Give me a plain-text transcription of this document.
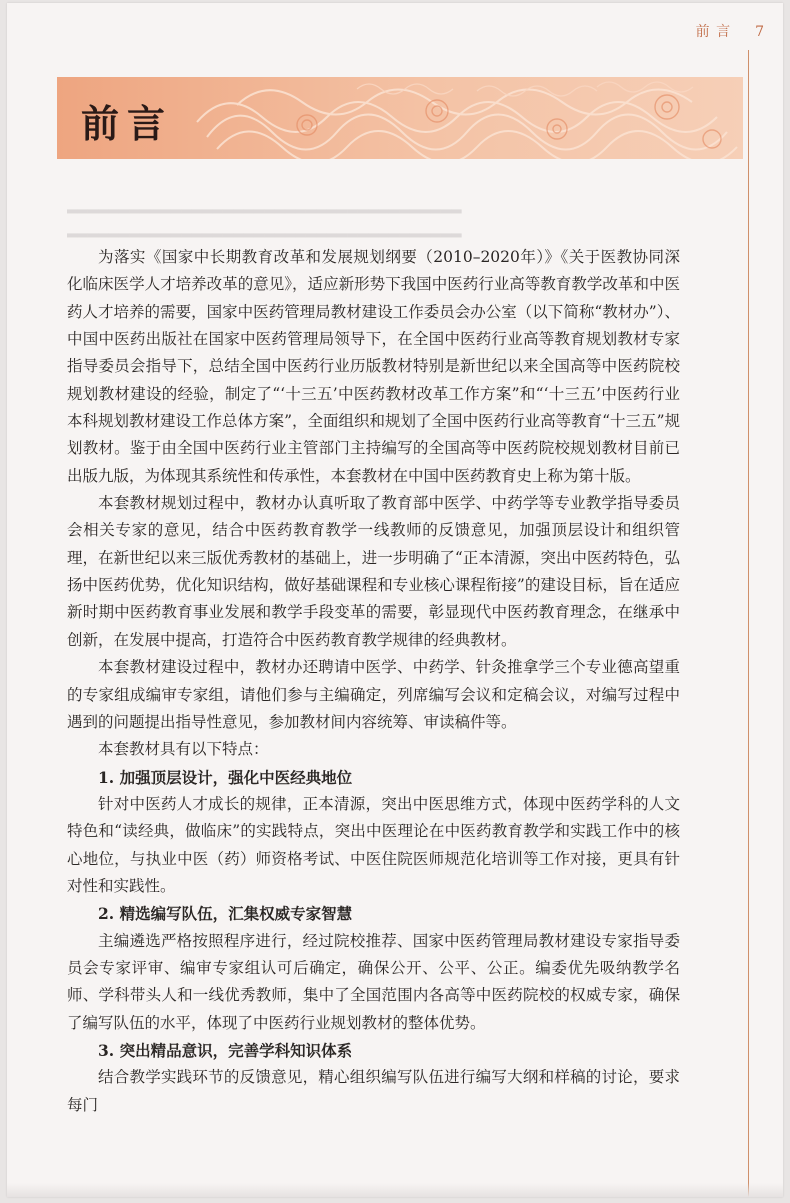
▂▂▂▂▂▂▂▂▂▂▂▂▂▂▂▂▂▂▂▂▂▂▂▂▂▂▂▂▂▂▂▂▂▂▂▂▂▂
▂▂▂▂▂▂▂▂▂▂▂▂▂▂▂▂▂▂▂▂▂▂▂▂▂▂▂▂▂▂▂▂▂▂▂▂▂▂
前 言 7
前言

为落实《国家中长期教育改革和发展规划纲要（2010–2020年）》《关于医教协同深化临床医学人才培养改革的意见》，适应新形势下我国中医药行业高等教育教学改革和中医药人才培养的需要，国家中医药管理局教材建设工作委员会办公室（以下简称“教材办”）、中国中医药出版社在国家中医药管理局领导下，在全国中医药行业高等教育规划教材专家指导委员会指导下，总结全国中医药行业历版教材特别是新世纪以来全国高等中医药院校规划教材建设的经验，制定了“‘十三五’中医药教材改革工作方案”和“‘十三五’中医药行业本科规划教材建设工作总体方案”，全面组织和规划了全国中医药行业高等教育“十三五”规划教材。鉴于由全国中医药行业主管部门主持编写的全国高等中医药院校规划教材目前已出版九版，为体现其系统性和传承性，本套教材在中国中医药教育史上称为第十版。

本套教材规划过程中，教材办认真听取了教育部中医学、中药学等专业教学指导委员会相关专家的意见，结合中医药教育教学一线教师的反馈意见，加强顶层设计和组织管理，在新世纪以来三版优秀教材的基础上，进一步明确了“正本清源，突出中医药特色，弘扬中医药优势，优化知识结构，做好基础课程和专业核心课程衔接”的建设目标，旨在适应新时期中医药教育事业发展和教学手段变革的需要，彰显现代中医药教育理念，在继承中创新，在发展中提高，打造符合中医药教育教学规律的经典教材。

本套教材建设过程中，教材办还聘请中医学、中药学、针灸推拿学三个专业德高望重的专家组成编审专家组，请他们参与主编确定，列席编写会议和定稿会议，对编写过程中遇到的问题提出指导性意见，参加教材间内容统筹、审读稿件等。

本套教材具有以下特点：

1. 加强顶层设计，强化中医经典地位

针对中医药人才成长的规律，正本清源，突出中医思维方式，体现中医药学科的人文特色和“读经典，做临床”的实践特点，突出中医理论在中医药教育教学和实践工作中的核心地位，与执业中医（药）师资格考试、中医住院医师规范化培训等工作对接，更具有针对性和实践性。

2. 精选编写队伍，汇集权威专家智慧

主编遴选严格按照程序进行，经过院校推荐、国家中医药管理局教材建设专家指导委员会专家评审、编审专家组认可后确定，确保公开、公平、公正。编委优先吸纳教学名师、学科带头人和一线优秀教师，集中了全国范围内各高等中医药院校的权威专家，确保了编写队伍的水平，体现了中医药行业规划教材的整体优势。

3. 突出精品意识，完善学科知识体系

结合教学实践环节的反馈意见，精心组织编写队伍进行编写大纲和样稿的讨论，要求每门
